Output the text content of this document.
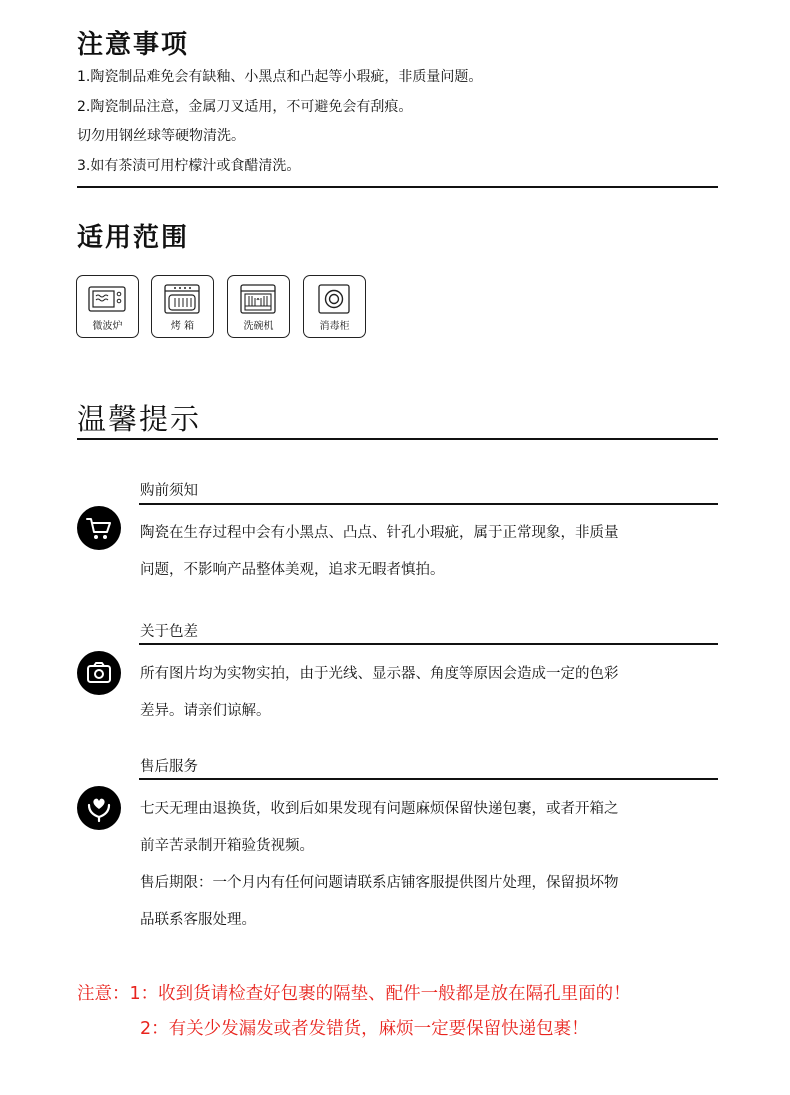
注意事项

1.陶瓷制品难免会有缺釉、小黑点和凸起等小瑕疵，非质量问题。

2.陶瓷制品注意，金属刀叉适用，不可避免会有刮痕。

切勿用钢丝球等硬物清洗。

3.如有茶渍可用柠檬汁或食醋清洗。

适用范围
微波炉	烤 箱	洗碗机	消毒柜
温馨提示
购前须知

陶瓷在生存过程中会有小黑点、凸点、针孔小瑕疵，属于正常现象，非质量

问题，不影响产品整体美观，追求无暇者慎拍。

关于色差

所有图片均为实物实拍，由于光线、显示器、角度等原因会造成一定的色彩

差异。请亲们谅解。

售后服务

七天无理由退换货，收到后如果发现有问题麻烦保留快递包裹，或者开箱之

前辛苦录制开箱验货视频。

售后期限：一个月内有任何问题请联系店铺客服提供图片处理，保留损坏物

品联系客服处理。

注意：1：收到货请检查好包裹的隔垫、配件一般都是放在隔孔里面的！
2：有关少发漏发或者发错货，麻烦一定要保留快递包裹！
